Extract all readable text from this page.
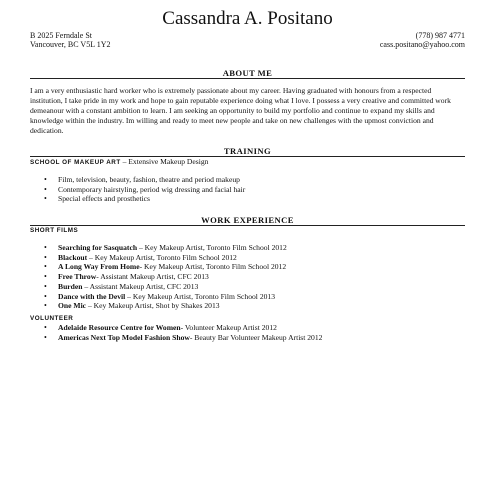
Cassandra A. Positano
B 2025 Ferndale St	(778) 987 4771
Vancouver, BC V5L 1Y2	cass.positano@yahoo.com
ABOUT ME
I am a very enthusiastic hard worker who is extremely passionate about my career. Having graduated with honours from a respected institution, I take pride in my work and hope to gain reputable experience doing what I love. I possess a very creative and committed work demeanour with a constant ambition to learn. I am seeking an opportunity to build my portfolio and continue to expand my skills and knowledge within the industry. Im willing and ready to meet new people and take on new challenges with the upmost conviction and dedication.
TRAINING
SCHOOL OF MAKEUP ART – Extensive Makeup Design
• Film, television, beauty, fashion, theatre and period makeup
• Contemporary hairstyling, period wig dressing and facial hair
• Special effects and prosthetics
WORK EXPERIENCE
SHORT FILMS
• Searching for Sasquatch – Key Makeup Artist, Toronto Film School 2012
• Blackout – Key Makeup Artist, Toronto Film School 2012
• A Long Way From Home- Key Makeup Artist, Toronto Film School 2012
• Free Throw- Assistant Makeup Artist, CFC 2013
• Burden – Assistant Makeup Artist, CFC 2013
• Dance with the Devil – Key Makeup Artist, Toronto Film School 2013
• One Mic – Key Makeup Artist, Shot by Shakes 2013
VOLUNTEER
• Adelaide Resource Centre for Women- Volunteer Makeup Artist 2012
• Americas Next Top Model Fashion Show- Beauty Bar Volunteer Makeup Artist 2012
